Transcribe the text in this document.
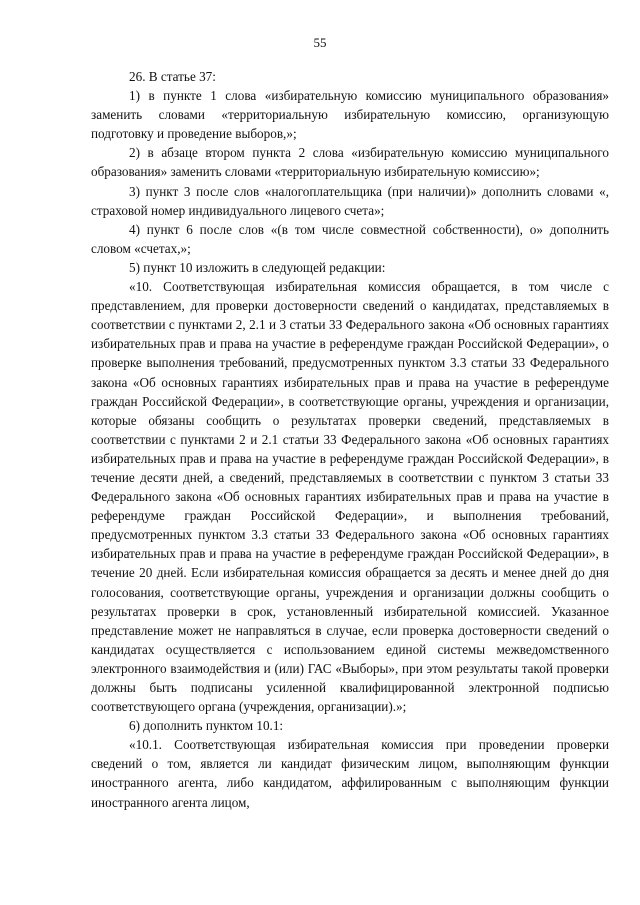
55

26. В статье 37:

1) в пункте 1 слова «избирательную комиссию муниципального образования» заменить словами «территориальную избирательную комиссию, организующую подготовку и проведение выборов,»;

2) в абзаце втором пункта 2 слова «избирательную комиссию муниципального образования» заменить словами «территориальную избирательную комиссию»;

3) пункт 3 после слов «налогоплательщика (при наличии)» дополнить словами «, страховой номер индивидуального лицевого счета»;

4) пункт 6 после слов «(в том числе совместной собственности), о» дополнить словом «счетах,»;

5) пункт 10 изложить в следующей редакции:

«10. Соответствующая избирательная комиссия обращается, в том числе с представлением, для проверки достоверности сведений о кандидатах, представляемых в соответствии с пунктами 2, 2.1 и 3 статьи 33 Федерального закона «Об основных гарантиях избирательных прав и права на участие в референдуме граждан Российской Федерации», о проверке выполнения требований, предусмотренных пунктом 3.3 статьи 33 Федерального закона «Об основных гарантиях избирательных прав и права на участие в референдуме граждан Российской Федерации», в соответствующие органы, учреждения и организации, которые обязаны сообщить о результатах проверки сведений, представляемых в соответствии с пунктами 2 и 2.1 статьи 33 Федерального закона «Об основных гарантиях избирательных прав и права на участие в референдуме граждан Российской Федерации», в течение десяти дней, а сведений, представляемых в соответствии с пунктом 3 статьи 33 Федерального закона «Об основных гарантиях избирательных прав и права на участие в референдуме граждан Российской Федерации», и выполнения требований, предусмотренных пунктом 3.3 статьи 33 Федерального закона «Об основных гарантиях избирательных прав и права на участие в референдуме граждан Российской Федерации», в течение 20 дней. Если избирательная комиссия обращается за десять и менее дней до дня голосования, соответствующие органы, учреждения и организации должны сообщить о результатах проверки в срок, установленный избирательной комиссией. Указанное представление может не направляться в случае, если проверка достоверности сведений о кандидатах осуществляется с использованием единой системы межведомственного электронного взаимодействия и (или) ГАС «Выборы», при этом результаты такой проверки должны быть подписаны усиленной квалифицированной электронной подписью соответствующего органа (учреждения, организации).»;

6) дополнить пунктом 10.1:

«10.1. Соответствующая избирательная комиссия при проведении проверки сведений о том, является ли кандидат физическим лицом, выполняющим функции иностранного агента, либо кандидатом, аффилированным с выполняющим функции иностранного агента лицом,
